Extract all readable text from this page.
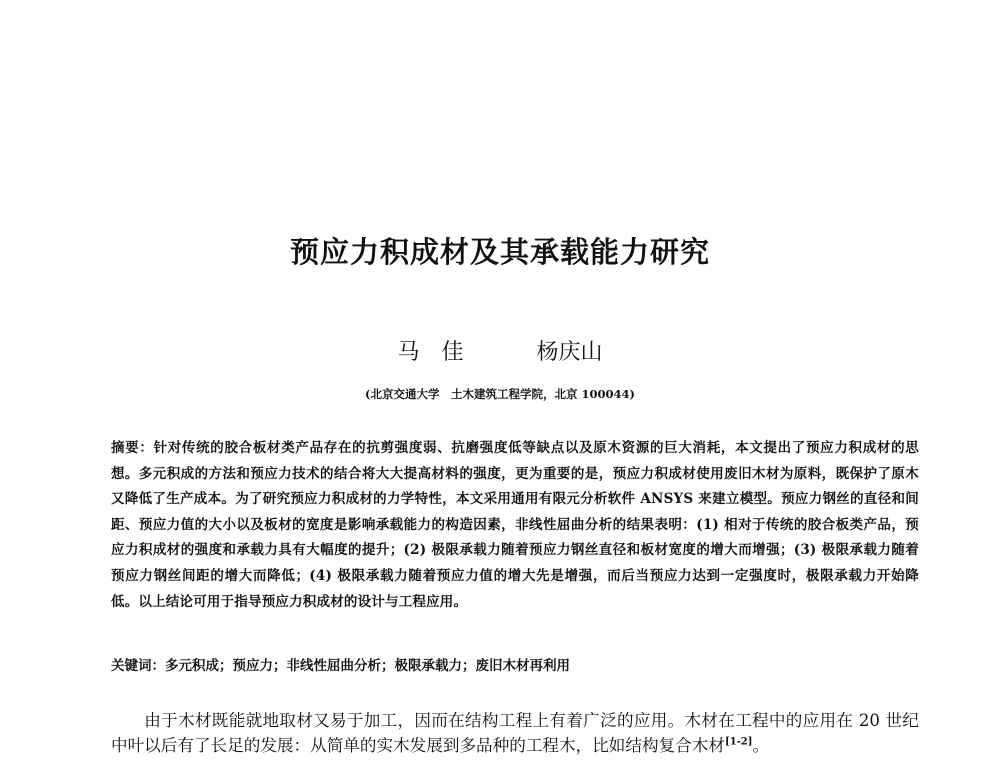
预应力积成材及其承载能力研究
马　佳	杨庆山
(北京交通大学　土木建筑工程学院，北京 100044)
摘要：针对传统的胶合板材类产品存在的抗剪强度弱、抗磨强度低等缺点以及原木资源的巨大消耗，本文提出了预应力积成材的思想。多元积成的方法和预应力技术的结合将大大提高材料的强度，更为重要的是，预应力积成材使用废旧木材为原料，既保护了原木又降低了生产成本。为了研究预应力积成材的力学特性，本文采用通用有限元分析软件 ANSYS 来建立模型。预应力钢丝的直径和间距、预应力值的大小以及板材的宽度是影响承载能力的构造因素，非线性屈曲分析的结果表明：(1) 相对于传统的胶合板类产品，预应力积成材的强度和承载力具有大幅度的提升；(2) 极限承载力随着预应力钢丝直径和板材宽度的增大而增强；(3) 极限承载力随着预应力钢丝间距的增大而降低；(4) 极限承载力随着预应力值的增大先是增强，而后当预应力达到一定强度时，极限承载力开始降低。以上结论可用于指导预应力积成材的设计与工程应用。
关键词：多元积成；预应力；非线性屈曲分析；极限承载力；废旧木材再利用
由于木材既能就地取材又易于加工，因而在结构工程上有着广泛的应用。木材在工程中的应用在 20 世纪中叶以后有了长足的发展：从简单的实木发展到多品种的工程木，比如结构复合木材[1-2]。
